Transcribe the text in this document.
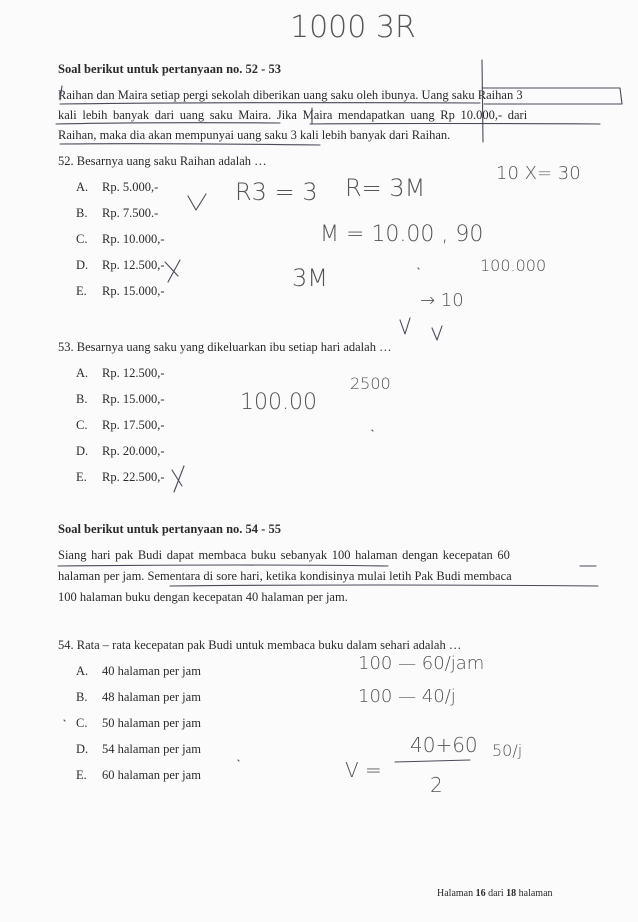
Soal berikut untuk pertanyaan no. 52 - 53
Raihan dan Maira setiap pergi sekolah diberikan uang saku oleh ibunya. Uang saku Raihan 3
kali lebih banyak dari uang saku Maira. Jika Maira mendapatkan uang Rp 10.000,- dari
Raihan, maka dia akan mempunyai uang saku 3 kali lebih banyak dari Raihan.
52. Besarnya uang saku Raihan adalah …
A. Rp. 5.000,-
B. Rp. 7.500.-
C. Rp. 10.000,-
D. Rp. 12.500,-
E. Rp. 15.000,-
53. Besarnya uang saku yang dikeluarkan ibu setiap hari adalah …
A. Rp. 12.500,-
B. Rp. 15.000,-
C. Rp. 17.500,-
D. Rp. 20.000,-
E. Rp. 22.500,-
Soal berikut untuk pertanyaan no. 54 - 55
Siang hari pak Budi dapat membaca buku sebanyak 100 halaman dengan kecepatan 60
halaman per jam. Sementara di sore hari, ketika kondisinya mulai letih Pak Budi membaca
100 halaman buku dengan kecepatan 40 halaman per jam.
54. Rata – rata kecepatan pak Budi untuk membaca buku dalam sehari adalah …
A. 40 halaman per jam
B. 48 halaman per jam
C. 50 halaman per jam
D. 54 halaman per jam
E. 60 halaman per jam
Halaman 16 dari 18 halaman
1000 3R
R3 = 3 R= 3M
10 X= 30
M = 10.00 , 90
3M	100.000
→ 10
100.00
2500
100 — 60/jam
100 — 40/j
V =
40+60
2
50/j
